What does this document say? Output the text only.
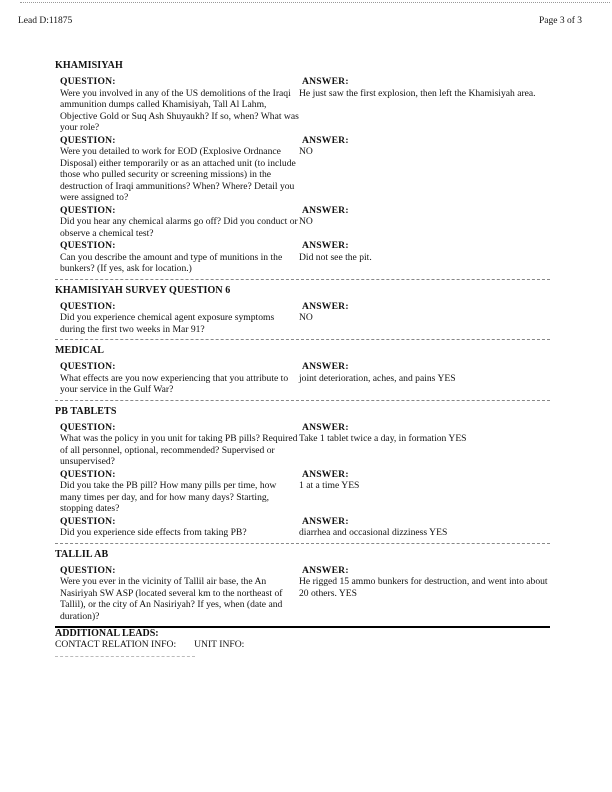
Lead D:11875	Page 3 of 3
KHAMISIYAH
QUESTION:
Were you involved in any of the US demolitions of the Iraqi ammunition dumps called Khamisiyah, Tall Al Lahm, Objective Gold or Suq Ash Shuyaukh? If so, when? What was your role?
ANSWER:
He just saw the first explosion, then left the Khamisiyah area.
QUESTION:
Were you detailed to work for EOD (Explosive Ordnance Disposal) either temporarily or as an attached unit (to include those who pulled security or screening missions) in the destruction of Iraqi ammunitions? When? Where? Detail you were assigned to?
ANSWER:
NO
QUESTION:
Did you hear any chemical alarms go off? Did you conduct or observe a chemical test?
ANSWER:
NO
QUESTION:
Can you describe the amount and type of munitions in the bunkers? (If yes, ask for location.)
ANSWER:
Did not see the pit.
KHAMISIYAH SURVEY QUESTION 6
QUESTION:
Did you experience chemical agent exposure symptoms during the first two weeks in Mar 91?
ANSWER:
NO
MEDICAL
QUESTION:
What effects are you now experiencing that you attribute to your service in the Gulf War?
ANSWER:
joint deterioration, aches, and pains YES
PB TABLETS
QUESTION:
What was the policy in you unit for taking PB pills? Required of all personnel, optional, recommended? Supervised or unsupervised?
ANSWER:
Take 1 tablet twice a day, in formation YES
QUESTION:
Did you take the PB pill? How many pills per time, how many times per day, and for how many days? Starting, stopping dates?
ANSWER:
1 at a time YES
QUESTION:
Did you experience side effects from taking PB?
ANSWER:
diarrhea and occasional dizziness YES
TALLIL AB
QUESTION:
Were you ever in the vicinity of Tallil air base, the An Nasiriyah SW ASP (located several km to the northeast of Tallil), or the city of An Nasiriyah? If yes, when (date and duration)?
ANSWER:
He rigged 15 ammo bunkers for destruction, and went into about 20 others. YES
ADDITIONAL LEADS:
CONTACT RELATION INFO: UNIT INFO:
